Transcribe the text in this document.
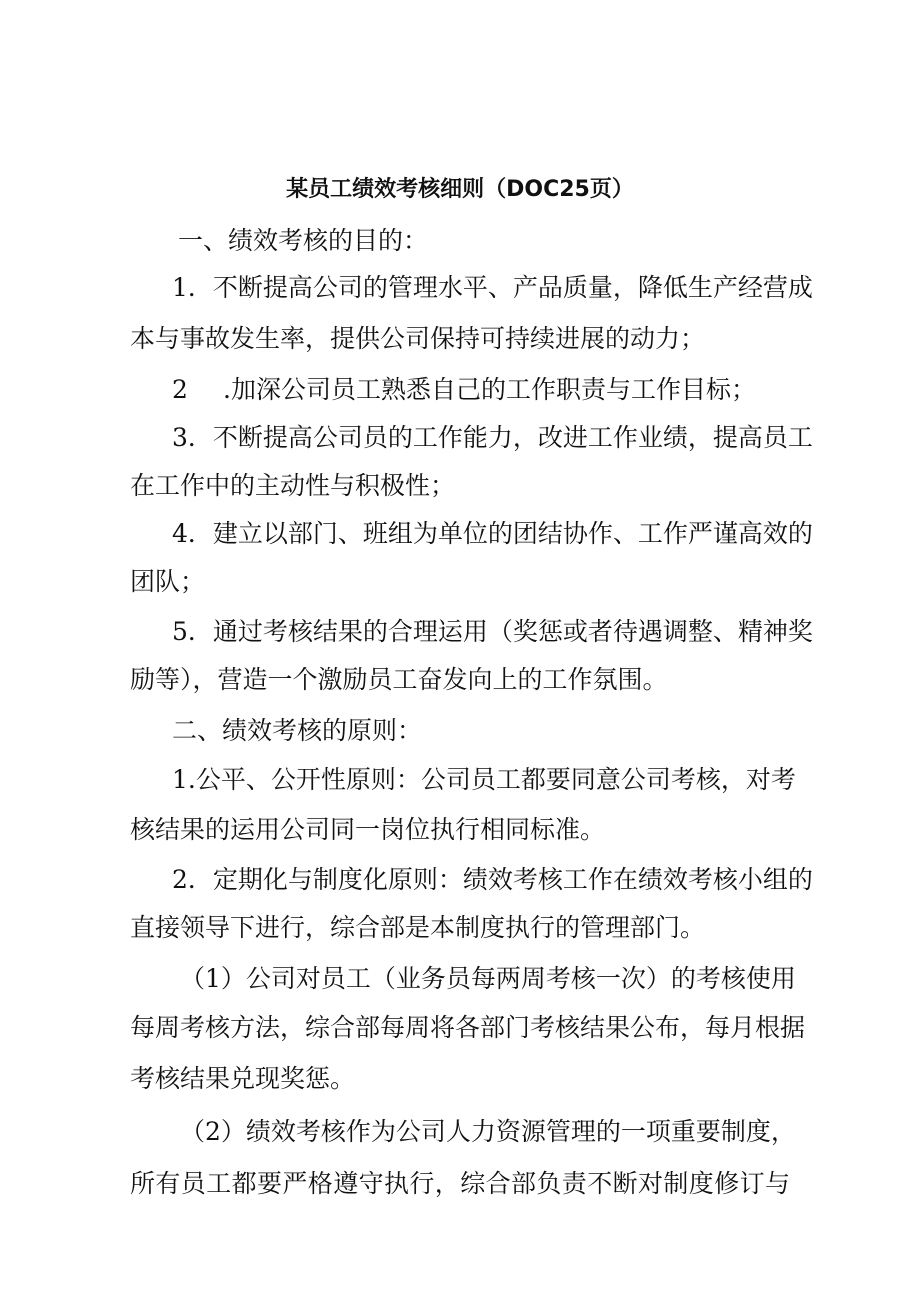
某员工绩效考核细则（DOC25页）
一、绩效考核的目的：
1．不断提高公司的管理水平、产品质量，降低生产经营成
本与事故发生率，提供公司保持可持续进展的动力；
2 .加深公司员工熟悉自己的工作职责与工作目标；
3．不断提高公司员的工作能力，改进工作业绩，提高员工
在工作中的主动性与积极性；
4．建立以部门、班组为单位的团结协作、工作严谨高效的
团队；
5．通过考核结果的合理运用（奖惩或者待遇调整、精神奖
励等），营造一个激励员工奋发向上的工作氛围。
二、绩效考核的原则：
1.公平、公开性原则：公司员工都要同意公司考核，对考
核结果的运用公司同一岗位执行相同标准。
2．定期化与制度化原则：绩效考核工作在绩效考核小组的
直接领导下进行，综合部是本制度执行的管理部门。
（1）公司对员工（业务员每两周考核一次）的考核使用
每周考核方法，综合部每周将各部门考核结果公布，每月根据
考核结果兑现奖惩。
（2）绩效考核作为公司人力资源管理的一项重要制度，
所有员工都要严格遵守执行，综合部负责不断对制度修订与
